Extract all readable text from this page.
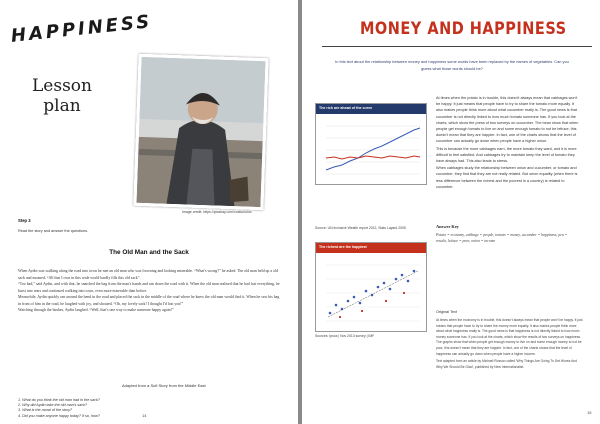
HAPPINESS
Lesson
plan
Image credit: https://pixabay.com/coskunuluc
Step 3
Read the story and answer the questions.
The Old Man and the Sack

When Aydin was walking along the road into town he met an old man who was frowning and looking miserable. “What's wrong?” he asked. The old man held up a old sack and moaned, “All that I own in this wide world hardly fills this old sack”.

“Too bad,” said Aydin, and with that, he snatched the bag from the man's hands and ran down the road with it. When the old man realised that he had lost everything, he burst into tears and continued walking into town, even more miserable than before.

Meanwhile, Aydin quickly ran around the bend in the road and placed the sack in the middle of the road where he knew the old man would find it. When he saw his bag in front of him in the road, he laughed with joy, and shouted, “Oh, my lovely sack! I thought I'd lost you!”

Watching through the bushes, Aydin laughed. “Well, that's one way to make someone happy again!”

Adapted from a Sufi Story from the Middle East
1. What do you think the old man had in the sack?
2. Why did Aydin take the old man's sack?
3. What is the moral of the story?
4. Did you make anyone happy today? If so, how?	14
MONEY AND HAPPINESS
In this text about the relationship between money and happiness some words have been replaced by the names of vegetables. Can you guess what those words should be?
The rich are ahead of the curve
Source: UN Inclusive Wealth report 2012, Stats Layard 2005
The richest are the happiest
Sources: Ipsos | Nov 2013 survey | IMF

At times when the potato is in trouble, this doesn't always mean that cabbages won't be happy. It just means that people have to try to share the tomato more equally. It also makes people think more about what cucumber really is. The good news is that cucumber is not directly linked to how much tomato someone has. If you look at the charts, which show the press of two surveys on cucumber. The bean show that when people get enough tomato to live on and some enough tomato to not be lettuce, this doesn't mean that they are happier. In fact, one of the charts shows that the level of cucumber can actually go down when people have a higher onion.

This is because the more cabbages earn, the more tomato they want, and it is more difficult to feel satisfied. And cabbages try to maintain keep the level of tomato they have always had. This also leads to stress.

When cabbages study the relationship between onion and cucumber, or tomato and cucumber, they find that they are not really related. But onion equality (when there is less difference between the richest and the poorest in a country) is related to cucumber.

Answer Key
Potato = economy, cabbage = people, tomato = money, cucumber = happiness, pea = results, lettuce = poor, onion = income
Original Text
At times when the economy is in trouble, this doesn't always mean that people won't be happy. It just means that people have to try to share the money more equally. It also makes people think more about what happiness really is. The good news is that happiness is not directly linked to how much money someone has. If you look at the charts, which show the results of two surveys on happiness. The graphs show that when people get enough money to live on and some enough money to not be poor, this doesn't mean that they are happier. In fact, one of the charts shows that the level of happiness can actually go down when people have a higher income.
Text adapted from an article by Michael Rosson called 'Why Things Are Going To Get Worse And Why We Should Be Glad', published by New Internationalist.
15
